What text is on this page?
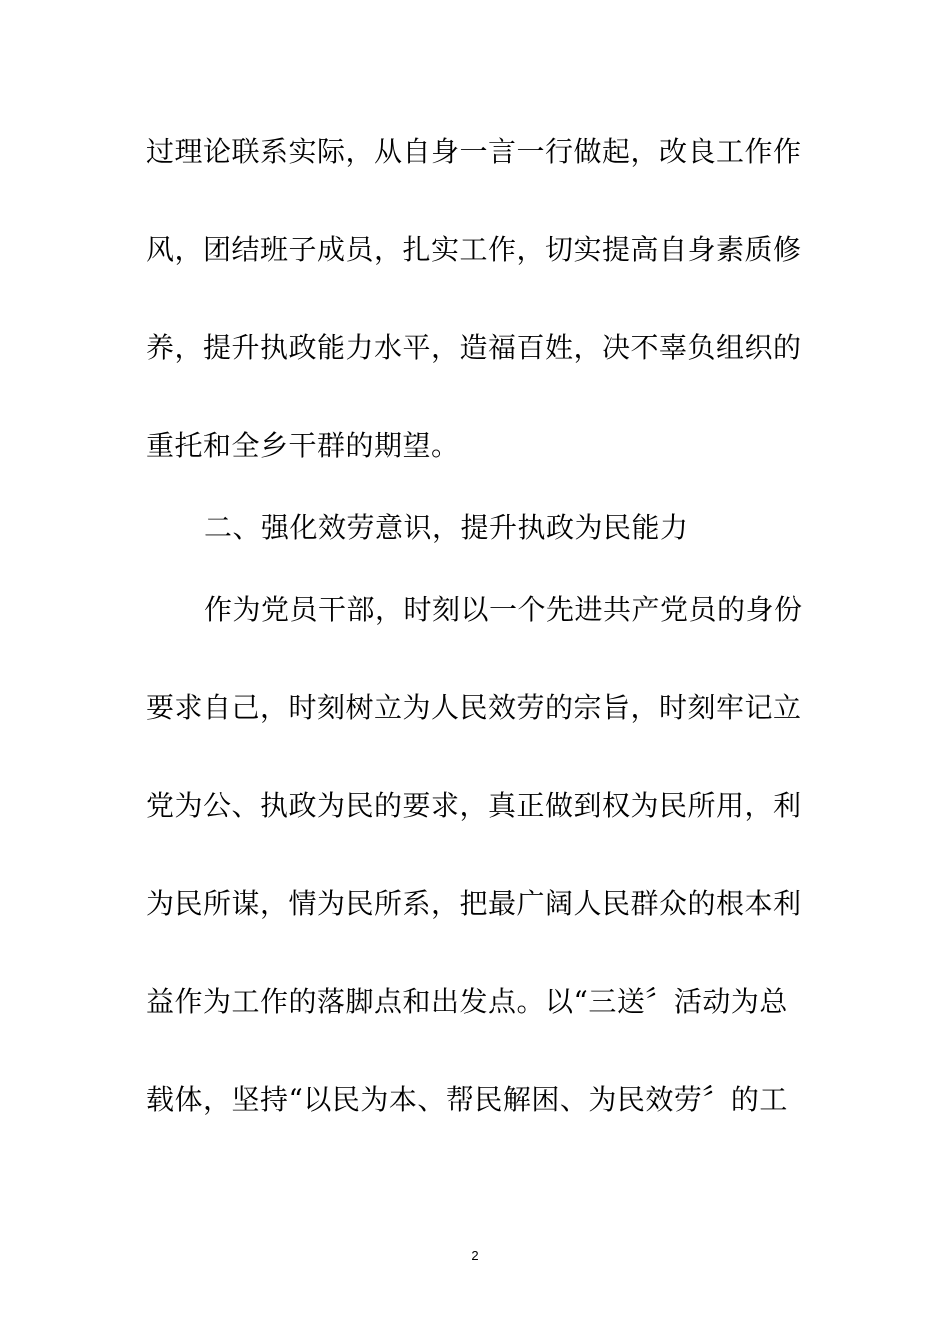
过理论联系实际，从自身一言一行做起，改良工作作
风，团结班子成员，扎实工作，切实提高自身素质修
养，提升执政能力水平，造福百姓，决不辜负组织的
重托和全乡干群的期望。
二、强化效劳意识，提升执政为民能力
作为党员干部，时刻以一个先进共产党员的身份
要求自己，时刻树立为人民效劳的宗旨，时刻牢记立
党为公、执政为民的要求，真正做到权为民所用，利
为民所谋，情为民所系，把最广阔人民群众的根本利
益作为工作的落脚点和出发点。以“三送〞活动为总
载体，坚持“以民为本、帮民解困、为民效劳〞的工
2
